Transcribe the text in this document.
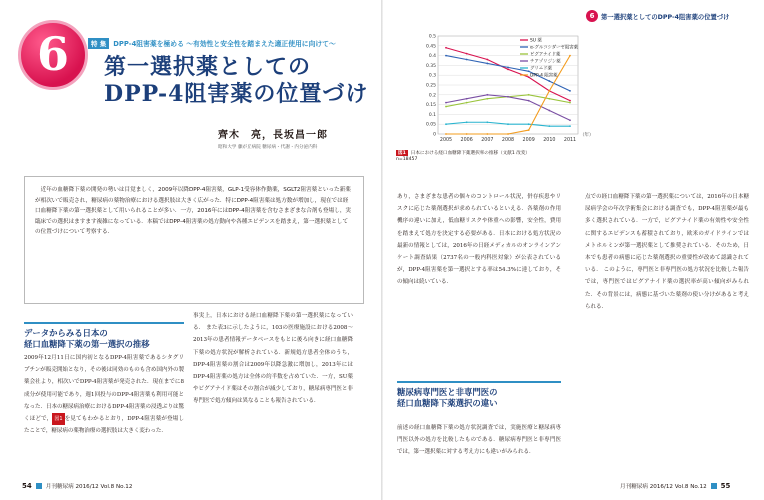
6	特 集	DPP-4阻害薬を極める 〜有効性と安全性を踏まえた適正使用に向けて〜
第一選択薬としての
DPP-4阻害薬の位置づけ
齊木　亮，長坂昌一郎
昭和大学 藤が丘病院 糖尿病・代謝・内分泌内科

近年の血糖降下薬の開発の勢いは目覚ましく，2009年以降DPP-4阻害薬，GLP-1受容体作動薬，SGLT2阻害薬といった新薬が相次いで販売され，糖尿病の薬物治療における選択肢は大きく広がった．特にDPP-4阻害薬は処方数が増加し，現在では経口血糖降下薬の第一選択薬として用いられることが多い．一方，2016年にはDPP-4阻害薬を含むさまざまな合剤も登場し，実臨床での選択はますます複雑になっている．本稿ではDPP-4阻害薬の処方動向や各種エビデンスを踏まえ，第一選択薬としての位置づけについて考察する．

データからみる日本の
経口血糖降下薬の第一選択の推移
2009年12月11日に国内初となるDPP-4阻害薬であるシタグリプチンが販売開始となり，その後は同効のものも含め国内外の製薬会社より，相次いでDPP-4阻害薬が発売された．現在までに8成分が使用可能であり，週1回投与のDPP-4阻害薬も利用可能となった．日本の糖尿病治療におけるDPP-4阻害薬の浸透ぶりは驚くほどで， 図1 を見てもわかるとおり，DPP-4阻害薬が登場したことで，糖尿病の薬物治療の選択肢は大きく変わった．
事実上，日本における経口血糖降下薬の第一選択薬になっている． また表3に示したように，103の医療施設における2008〜2013年の患者情報データベースをもとに後ろ向きに経口血糖降下薬の処方状況が解析されている．新規処方患者全体のうち，DPP-4阻害薬の割合は2009年以降急激に増加し，2013年にはDPP-4阻害薬の処方は全体の約半数を占めていた．一方，SU薬やビグアナイド薬はその割合が減少しており，糖尿病専門医と非専門医で処方傾向は異なることも報告されている．
54	月刊糖尿病 2016/12 Vol.8 No.12
6	第一選択薬としてのDPP-4阻害薬の位置づけ
0
0.05
0.1
0.15
0.2
0.25
0.3
0.35
0.4
0.45
0.5
2005 2006 2007 2008 2009 2010 2011
（年）
SU 薬
α-グルコシダーゼ阻害薬
ビグアナイド薬
チアゾリジン薬
グリニド薬
DPP-4 阻害薬
図1	日本における経口血糖降下薬選択率の推移（文献1 改変）
n=18457
あり，さまざまな患者の個々のコントロール状況，併存疾患やリスクに応じた薬剤選択が求められているといえる．各薬剤の作用機序の違いに加え，低血糖リスクや体重への影響，安全性，費用を踏まえて処方を決定する必要がある．日本における処方状況の最新の情報としては，2016年の日経メディカルのオンラインアンケート調査結果（2737名の一般内科医対象）が公表されているが，DPP-4阻害薬を第一選択とする率は54.3%に達しており，その傾向は続いている．
糖尿病専門医と非専門医の
経口血糖降下薬選択の違い
前述の経口血糖降下薬の処方状況調査では，実施医療と糖尿病専門医以外の処方を比較したものである．糖尿病専門医と非専門医では，第一選択薬に対する考え方にも違いがみられる．
点での経口血糖降下薬の第一選択薬については，2016年の日本糖尿病学会の年次学術集会における調査でも，DPP-4阻害薬が最も多く選択されている．一方で，ビグアナイド薬の有効性や安全性に関するエビデンスも蓄積されており，欧米のガイドラインではメトホルミンが第一選択薬として推奨されている．そのため，日本でも患者の病態に応じた薬剤選択の重要性が改めて認識されている． このように，専門医と非専門医の処方状況を比較した報告では，専門医ではビグアナイド薬の選択率が高い傾向がみられた．その背景には，病態に基づいた薬剤の使い分けがあると考えられる．
月刊糖尿病 2016/12 Vol.8 No.12 55
